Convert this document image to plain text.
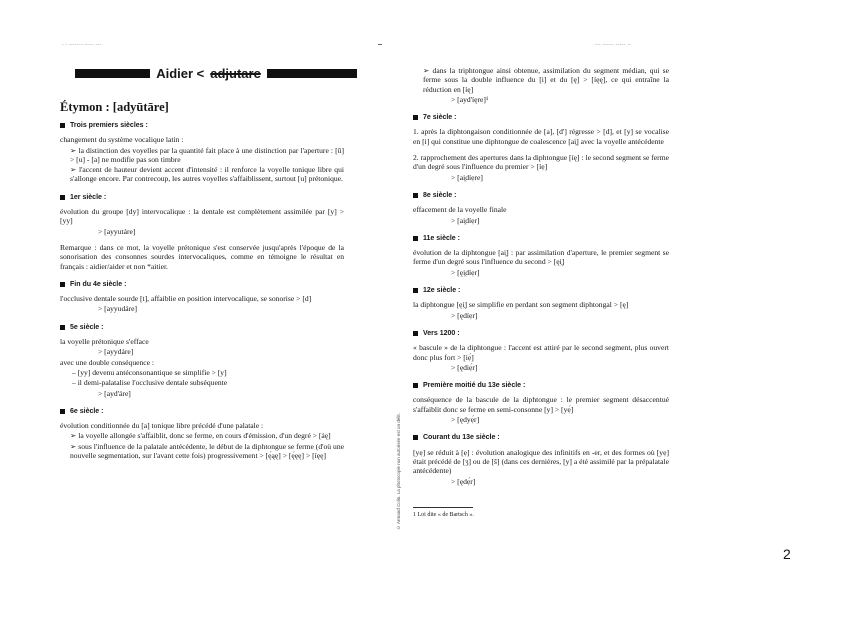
- - ------- ----- ---	--- ------ ----- --
Aidier < adjutare
Étymon : [adyūtāre]
Trois premiers siècles :
changement du système vocalique latin :
➢ la distinction des voyelles par la quantité fait place à une distinction par l'aperture : [ū] > [u] - [a] ne modifie pas son timbre
➢ l'accent de hauteur devient accent d'intensité : il renforce la voyelle tonique libre qui s'allonge encore. Par contrecoup, les autres voyelles s'affaiblissent, surtout [u] prétonique.
1er siècle :
évolution du groupe [dy] intervocalique : la dentale est complètement assimilée par [y] > [yy]
> [ayyutáre]
Remarque : dans ce mot, la voyelle prétonique s'est conservée jusqu'après l'époque de la sonorisation des consonnes sourdes intervocaliques, comme en témoigne le résultat en français : aidier/aider et non *aitier.
Fin du 4e siècle :
l'occlusive dentale sourde [t], affaiblie en position intervocalique, se sonorise > [d]
> [ayyudáre]
5e siècle :
la voyelle prétonique s'efface
> [ayydáre]
avec une double conséquence :
– [yy] devenu antéconsonantique se simplifie > [y]
– il demi-palatalise l'occlusive dentale subséquente
> [ayd'áre]
6e siècle :
évolution conditionnée du [a] tonique libre précédé d'une palatale :
➢ la voyelle allongée s'affaiblit, donc se ferme, en cours d'émission, d'un degré > [áę]
➢ sous l'influence de la palatale antécédente, le début de la diphtongue se ferme (d'où une nouvelle segmentation, sur l'avant cette fois) progressivement > [ę́ąę] > [ę́ęę] > [íęę]
➢ dans la triphtongue ainsi obtenue, assimilation du segment médian, qui se ferme sous la double influence du [i] et du [ę] > [íęę], ce qui entraîne la réduction en [íę]
> [ayd'íęre]¹
7e siècle :
1. après la diphtongaison conditionnée de [a], [d'] régresse > [d], et [y] se vocalise en [i] qui constitue une diphtongue de coalescence [ai̯] avec la voyelle antécédente
2. rapprochement des apertures dans la diphtongue [íę] : le second segment se ferme d'un degré sous l'influence du premier > [íẹ]
> [ai̯díẹre]
8e siècle :
effacement de la voyelle finale
> [ai̯díẹr]
11e siècle :
évolution de la diphtongue [ai̯] : par assimilation d'aperture, le premier segment se ferme d'un degré sous l'influence du second > [ęi̯]
> [ęi̯díẹr]
12e siècle :
la diphtongue [ęi̯] se simplifie en perdant son segment diphtongal > [ę]
> [ędíẹr]
Vers 1200 :
« bascule » de la diphtongue : l'accent est attiré par le second segment, plus ouvert donc plus fort > [iẹ́]
> [ędiẹ́r]
Première moitié du 13e siècle :
conséquence de la bascule de la diphtongue : le premier segment désaccentué s'affaiblit donc se ferme en semi-consonne [y] > [yẹ́]
> [ędyẹ́r]
Courant du 13e siècle :
[yẹ] se réduit à [ẹ] : évolution analogique des infinitifs en -er, et des formes où [yẹ] était précédé de [ʒ] ou de [š] (dans ces dernières, [y] a été assimilé par la prépalatale antécédente)
> [ędẹ́r]
© Armand Colin. La photocopie non autorisée est un délit.	1 Loi dite « de Bartsch ».
2
